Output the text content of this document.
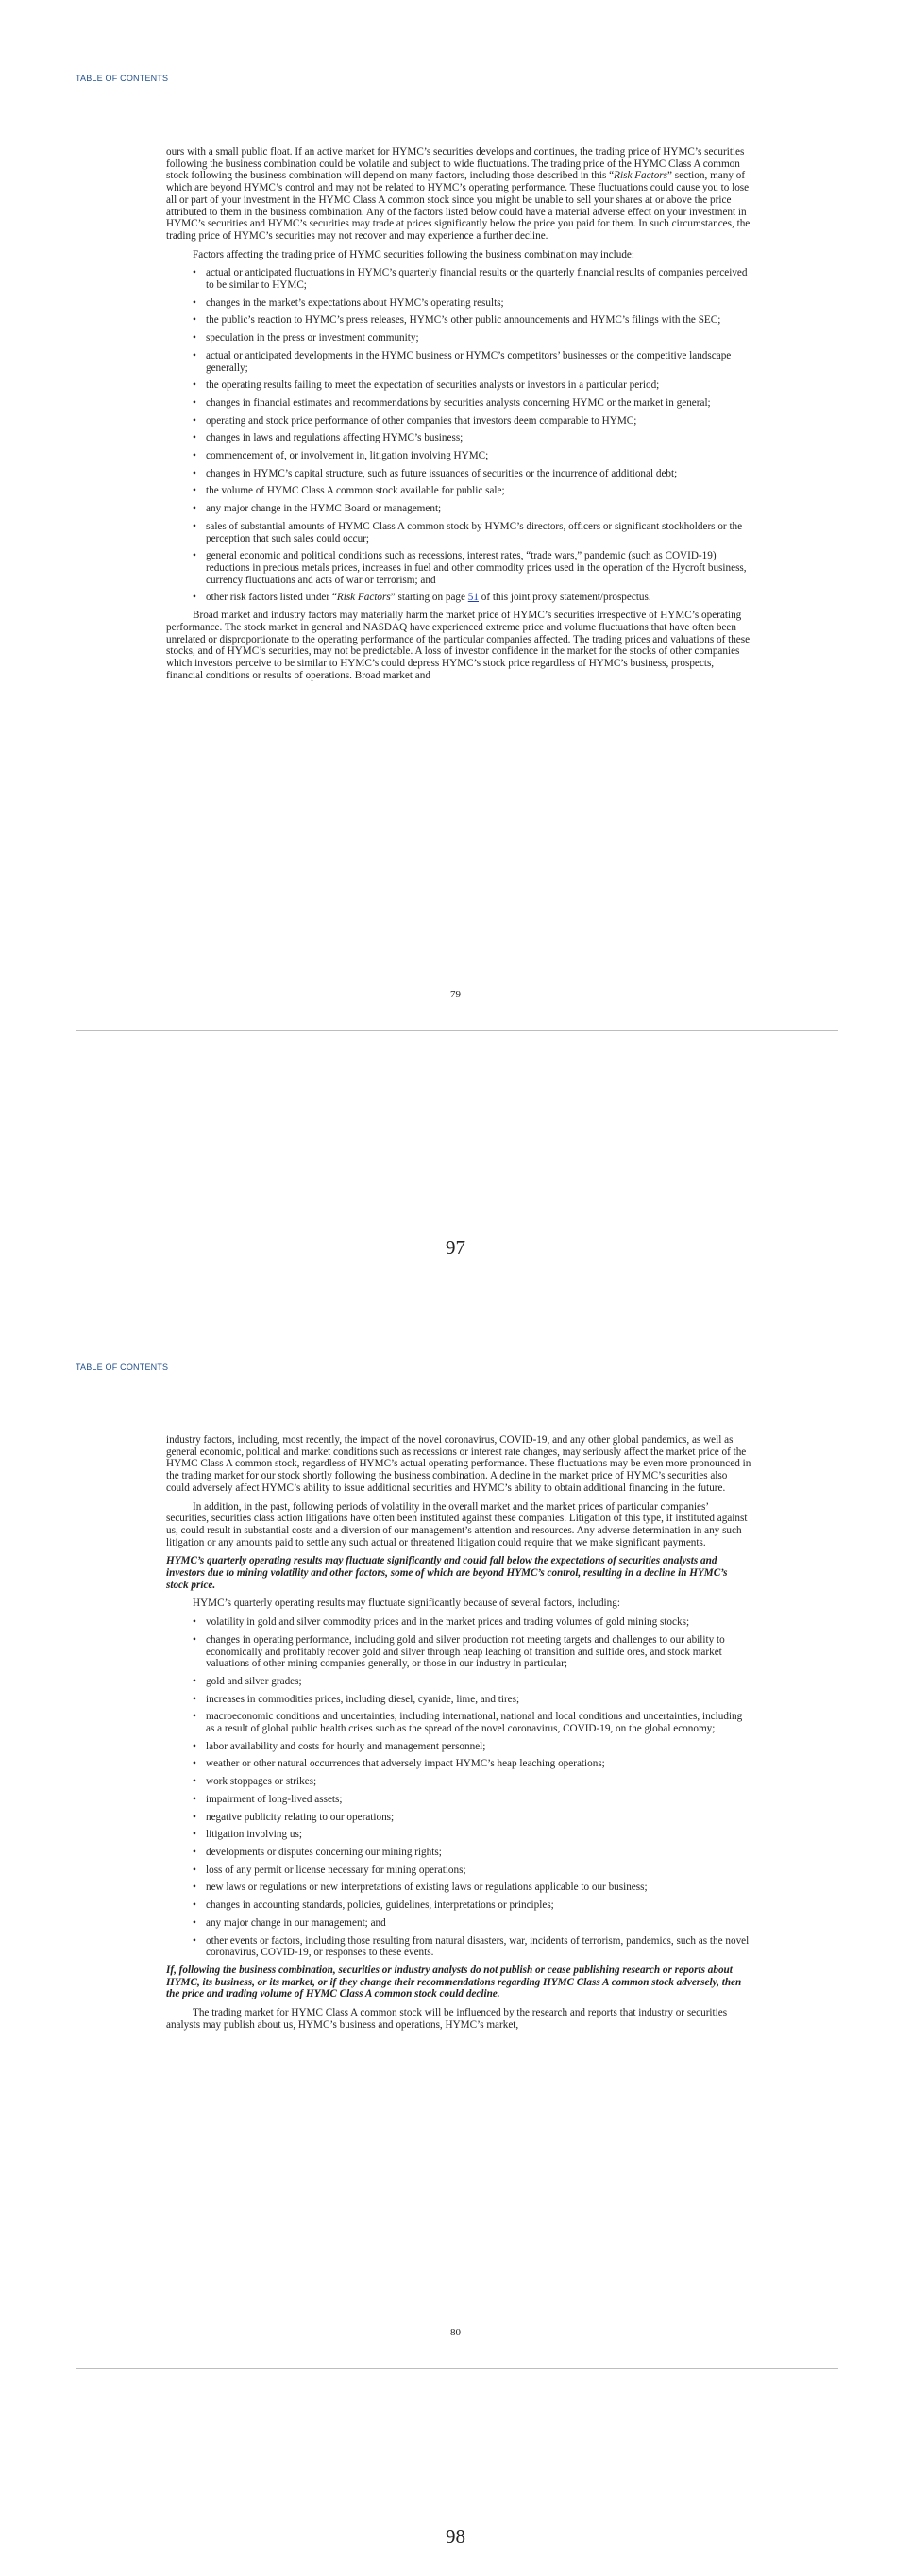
TABLE OF CONTENTS

ours with a small public float. If an active market for HYMC’s securities develops and continues, the trading price of HYMC’s securities following the business combination could be volatile and subject to wide fluctuations. The trading price of the HYMC Class A common stock following the business combination will depend on many factors, including those described in this “Risk Factors” section, many of which are beyond HYMC’s control and may not be related to HYMC’s operating performance. These fluctuations could cause you to lose all or part of your investment in the HYMC Class A common stock since you might be unable to sell your shares at or above the price attributed to them in the business combination. Any of the factors listed below could have a material adverse effect on your investment in HYMC’s securities and HYMC’s securities may trade at prices significantly below the price you paid for them. In such circumstances, the trading price of HYMC’s securities may not recover and may experience a further decline.

Factors affecting the trading price of HYMC securities following the business combination may include:

• actual or anticipated fluctuations in HYMC’s quarterly financial results or the quarterly financial results of companies perceived to be similar to HYMC;
• changes in the market’s expectations about HYMC’s operating results;
• the public’s reaction to HYMC’s press releases, HYMC’s other public announcements and HYMC’s filings with the SEC;
• speculation in the press or investment community;
• actual or anticipated developments in the HYMC business or HYMC’s competitors’ businesses or the competitive landscape generally;
• the operating results failing to meet the expectation of securities analysts or investors in a particular period;
• changes in financial estimates and recommendations by securities analysts concerning HYMC or the market in general;
• operating and stock price performance of other companies that investors deem comparable to HYMC;
• changes in laws and regulations affecting HYMC’s business;
• commencement of, or involvement in, litigation involving HYMC;
• changes in HYMC’s capital structure, such as future issuances of securities or the incurrence of additional debt;
• the volume of HYMC Class A common stock available for public sale;
• any major change in the HYMC Board or management;
• sales of substantial amounts of HYMC Class A common stock by HYMC’s directors, officers or significant stockholders or the perception that such sales could occur;
• general economic and political conditions such as recessions, interest rates, “trade wars,” pandemic (such as COVID-19) reductions in precious metals prices, increases in fuel and other commodity prices used in the operation of the Hycroft business, currency fluctuations and acts of war or terrorism; and
• other risk factors listed under “Risk Factors” starting on page 51 of this joint proxy statement/prospectus.

Broad market and industry factors may materially harm the market price of HYMC’s securities irrespective of HYMC’s operating performance. The stock market in general and NASDAQ have experienced extreme price and volume fluctuations that have often been unrelated or disproportionate to the operating performance of the particular companies affected. The trading prices and valuations of these stocks, and of HYMC’s securities, may not be predictable. A loss of investor confidence in the market for the stocks of other companies which investors perceive to be similar to HYMC’s could depress HYMC’s stock price regardless of HYMC’s business, prospects, financial conditions or results of operations. Broad market and

79
97
TABLE OF CONTENTS

industry factors, including, most recently, the impact of the novel coronavirus, COVID-19, and any other global pandemics, as well as general economic, political and market conditions such as recessions or interest rate changes, may seriously affect the market price of the HYMC Class A common stock, regardless of HYMC’s actual operating performance. These fluctuations may be even more pronounced in the trading market for our stock shortly following the business combination. A decline in the market price of HYMC’s securities also could adversely affect HYMC’s ability to issue additional securities and HYMC’s ability to obtain additional financing in the future.

In addition, in the past, following periods of volatility in the overall market and the market prices of particular companies’ securities, securities class action litigations have often been instituted against these companies. Litigation of this type, if instituted against us, could result in substantial costs and a diversion of our management’s attention and resources. Any adverse determination in any such litigation or any amounts paid to settle any such actual or threatened litigation could require that we make significant payments.

HYMC’s quarterly operating results may fluctuate significantly and could fall below the expectations of securities analysts and investors due to mining volatility and other factors, some of which are beyond HYMC’s control, resulting in a decline in HYMC’s stock price.

HYMC’s quarterly operating results may fluctuate significantly because of several factors, including:

• volatility in gold and silver commodity prices and in the market prices and trading volumes of gold mining stocks;
• changes in operating performance, including gold and silver production not meeting targets and challenges to our ability to economically and profitably recover gold and silver through heap leaching of transition and sulfide ores, and stock market valuations of other mining companies generally, or those in our industry in particular;
• gold and silver grades;
• increases in commodities prices, including diesel, cyanide, lime, and tires;
• macroeconomic conditions and uncertainties, including international, national and local conditions and uncertainties, including as a result of global public health crises such as the spread of the novel coronavirus, COVID-19, on the global economy;
• labor availability and costs for hourly and management personnel;
• weather or other natural occurrences that adversely impact HYMC’s heap leaching operations;
• work stoppages or strikes;
• impairment of long-lived assets;
• negative publicity relating to our operations;
• litigation involving us;
• developments or disputes concerning our mining rights;
• loss of any permit or license necessary for mining operations;
• new laws or regulations or new interpretations of existing laws or regulations applicable to our business;
• changes in accounting standards, policies, guidelines, interpretations or principles;
• any major change in our management; and
• other events or factors, including those resulting from natural disasters, war, incidents of terrorism, pandemics, such as the novel coronavirus, COVID-19, or responses to these events.

If, following the business combination, securities or industry analysts do not publish or cease publishing research or reports about HYMC, its business, or its market, or if they change their recommendations regarding HYMC Class A common stock adversely, then the price and trading volume of HYMC Class A common stock could decline.

The trading market for HYMC Class A common stock will be influenced by the research and reports that industry or securities analysts may publish about us, HYMC’s business and operations, HYMC’s market,

80
98
